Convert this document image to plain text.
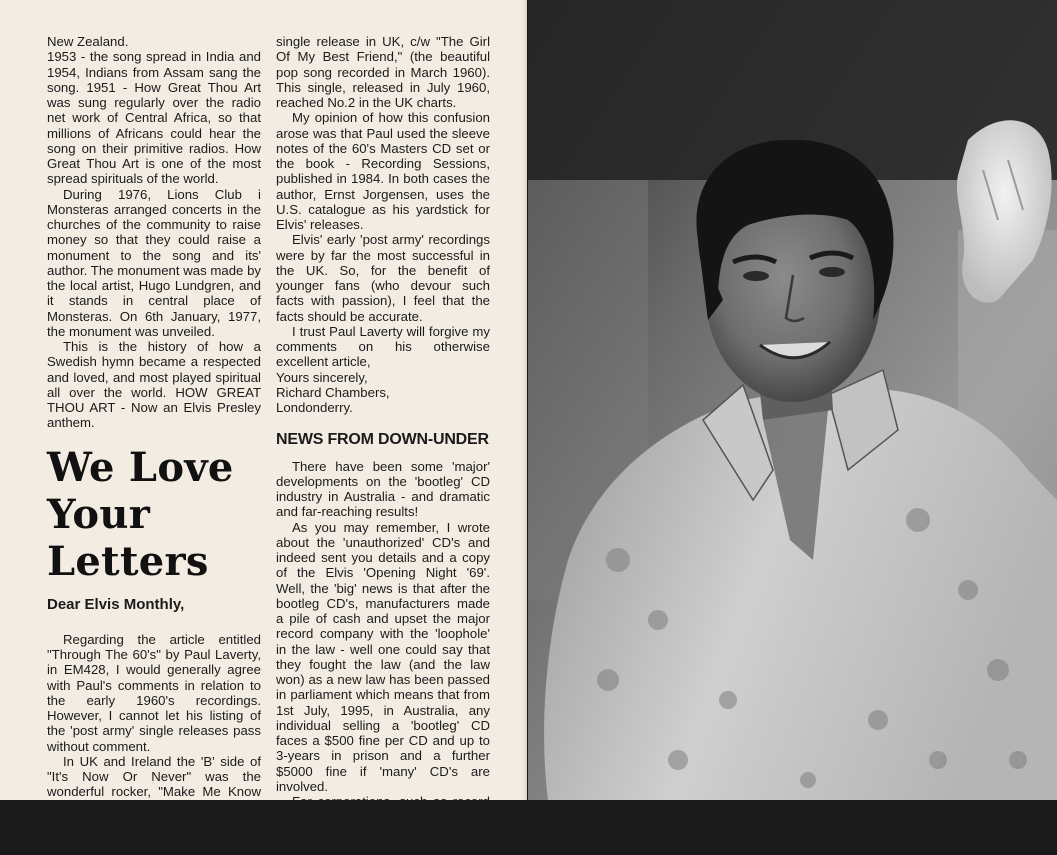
New Zealand.

1953 - the song spread in India and 1954, Indians from Assam sang the song. 1951 - How Great Thou Art was sung regularly over the radio net work of Central Africa, so that millions of Africans could hear the song on their primitive radios. How Great Thou Art is one of the most spread spirituals of the world.

During 1976, Lions Club i Monsteras arranged concerts in the churches of the community to raise money so that they could raise a monument to the song and its' author. The monument was made by the local artist, Hugo Lundgren, and it stands in central place of Monsteras. On 6th January, 1977, the monument was unveiled.

This is the history of how a Swedish hymn became a respected and loved, and most played spiritual all over the world. HOW GREAT THOU ART - Now an Elvis Presley anthem.

We Love
Your
Letters
Dear Elvis Monthly,

Regarding the article entitled "Through The 60's" by Paul Laverty, in EM428, I would generally agree with Paul's comments in relation to the early 1960's recordings. However, I cannot let his listing of the 'post army' single releases pass without comment.

In UK and Ireland the 'B' side of "It's Now Or Never" was the wonderful rocker, "Make Me Know It" and NOT "Mess Of Blues." "Mess Of Blues" was, in fact, Elvis' second

single release in UK, c/w "The Girl Of My Best Friend," (the beautiful pop song recorded in March 1960). This single, released in July 1960, reached No.2 in the UK charts.

My opinion of how this confusion arose was that Paul used the sleeve notes of the 60's Masters CD set or the book - Recording Sessions, published in 1984. In both cases the author, Ernst Jorgensen, uses the U.S. catalogue as his yardstick for Elvis' releases.

Elvis' early 'post army' recordings were by far the most successful in the UK. So, for the benefit of younger fans (who devour such facts with passion), I feel that the facts should be accurate.

I trust Paul Laverty will forgive my comments on his otherwise excellent article,

Yours sincerely,
Richard Chambers,
Londonderry.
NEWS FROM DOWN-UNDER

There have been some 'major' developments on the 'bootleg' CD industry in Australia - and dramatic and far-reaching results!

As you may remember, I wrote about the 'unauthorized' CD's and indeed sent you details and a copy of the Elvis 'Opening Night '69'. Well, the 'big' news is that after the bootleg CD's, manufacturers made a pile of cash and upset the major record company with the 'loophole' in the law - well one could say that they fought the law (and the law won) as a new law has been passed in parliament which means that from 1st July, 1995, in Australia, any individual selling a 'bootleg' CD faces a $500 fine per CD and up to 3-years in prison and a further $5000 fine if 'many' CD's are involved.

For corporations, such as record shops etc, it's much, much worse, where fines start at $2,500 and go up
